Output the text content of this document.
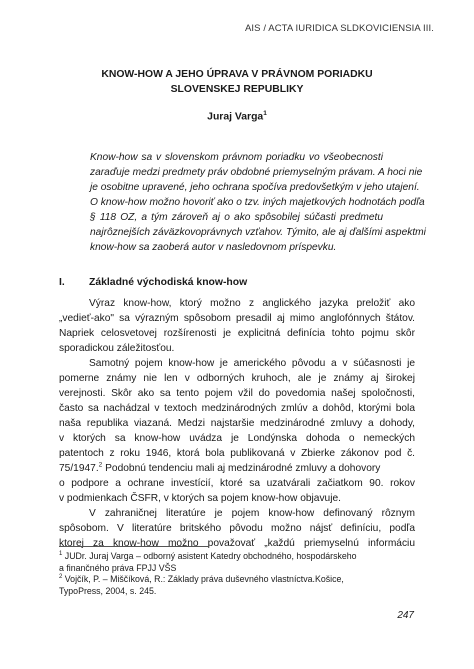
AIS / ACTA IURIDICA SLDKOVICIENSIA III.
KNOW-HOW A JEHO ÚPRAVA V PRÁVNOM PORIADKU
SLOVENSKEJ REPUBLIKY
Juraj Varga$^1$
Know-how sa v slovenskom právnom poriadku vo všeobecnosti
zaraďuje medzi predmety práv obdobné priemyselným právam. A hoci nie
je osobitne upravené, jeho ochrana spočíva predovšetkým v jeho utajení.
O know-how možno hovoriť ako o tzv. iných majetkových hodnotách podľa
§ 118 OZ, a tým zároveň aj o ako spôsobilej súčasti predmetu
najrôznejších záväzkovoprávnych vzťahov. Týmito, ale aj ďalšími aspektmi
know-how sa zaoberá autor v nasledovnom príspevku.
I. Základné východiská know-how
Výraz know-how, ktorý možno z anglického jazyka preložiť ako
„vedieť-ako" sa výrazným spôsobom presadil aj mimo anglofónnych štátov.
Napriek celosvetovej rozšírenosti je explicitná definícia tohto pojmu skôr
sporadickou záležitosťou.
Samotný pojem know-how je amerického pôvodu a v súčasnosti je
pomerne známy nie len v odborných kruhoch, ale je známy aj širokej
verejnosti. Skôr ako sa tento pojem vžil do povedomia našej spoločnosti,
často sa nachádzal v textoch medzinárodných zmlúv a dohôd, ktorými bola
naša republika viazaná. Medzi najstaršie medzinárodné zmluvy a dohody,
v ktorých sa know-how uvádza je Londýnska dohoda o nemeckých
patentoch z roku 1946, ktorá bola publikovaná v Zbierke zákonov pod č.
75/1947.$^2$ Podobnú tendenciu mali aj medzinárodné zmluvy a dohovory
o podpore a ochrane investícií, ktoré sa uzatvárali začiatkom 90. rokov
v podmienkach ČSFR, v ktorých sa pojem know-how objavuje.
V zahraničnej literatúre je pojem know-how definovaný rôznym
spôsobom. V literatúre britského pôvodu možno nájsť definíciu, podľa
ktorej za know-how možno považovať „každú priemyselnú informáciu
$^1$ JUDr. Juraj Varga – odborný asistent Katedry obchodného, hospodárskeho
a finančného práva FPJJ VŠS
$^2$ Vojčík, P. – Miščíková, R.: Základy práva duševného vlastníctva.Košice,
TypoPress, 2004, s. 245.
247
